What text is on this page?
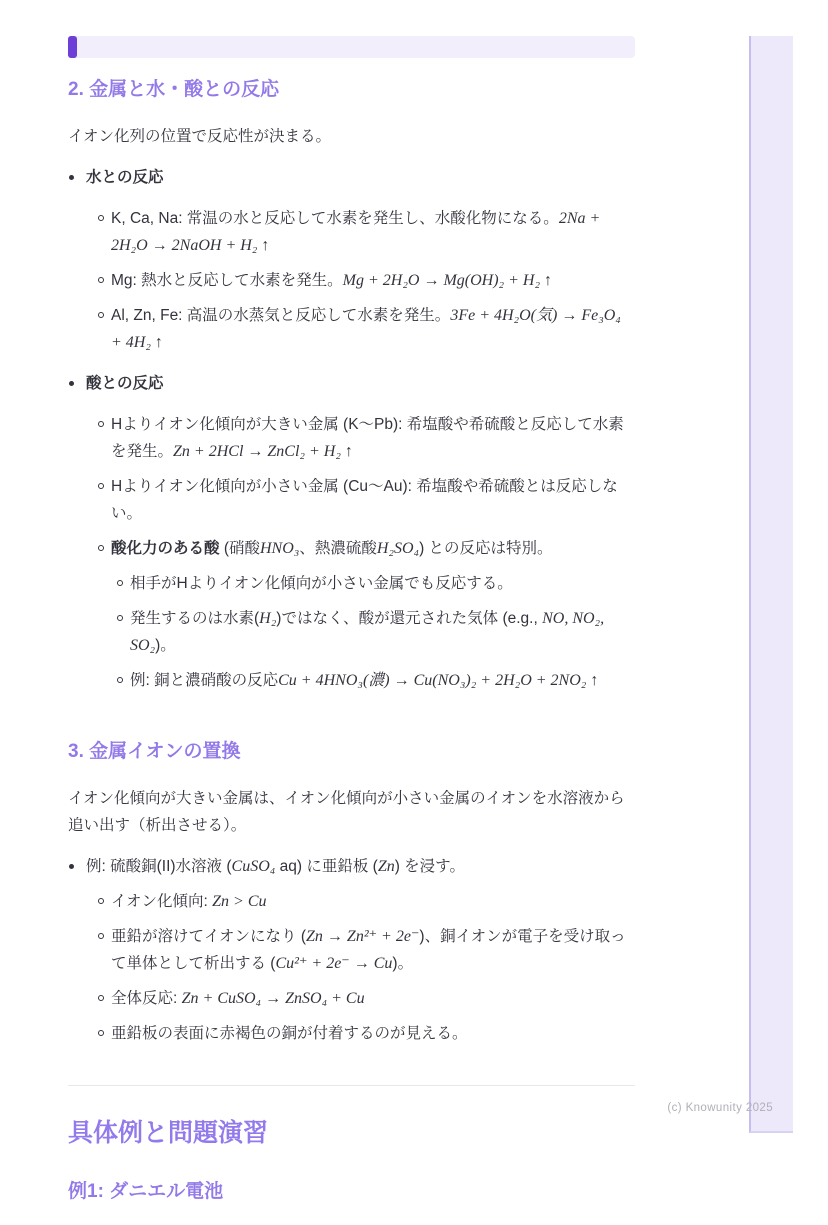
2. 金属と水・酸との反応
イオン化列の位置で反応性が決まる。
水との反応
K, Ca, Na: 常温の水と反応して水素を発生し、水酸化物になる。2Na + 2H₂O → 2NaOH + H₂ ↑
Mg: 熱水と反応して水素を発生。Mg + 2H₂O → Mg(OH)₂ + H₂ ↑
Al, Zn, Fe: 高温の水蒸気と反応して水素を発生。3Fe + 4H₂O(気) → Fe₃O₄ + 4H₂ ↑
酸との反応
Hよりイオン化傾向が大きい金属 (K〜Pb): 希塩酸や希硫酸と反応して水素を発生。Zn + 2HCl → ZnCl₂ + H₂ ↑
Hよりイオン化傾向が小さい金属 (Cu〜Au): 希塩酸や希硫酸とは反応しない。
酸化力のある酸 (硝酸HNO₃、熱濃硫酸H₂SO₄) との反応は特別。
相手がHよりイオン化傾向が小さい金属でも反応する。
発生するのは水素(H₂)ではなく、酸が還元された気体 (e.g., NO, NO₂, SO₂)。
例: 銅と濃硝酸の反応Cu + 4HNO₃(濃) → Cu(NO₃)₂ + 2H₂O + 2NO₂ ↑
3. 金属イオンの置換
イオン化傾向が大きい金属は、イオン化傾向が小さい金属のイオンを水溶液から追い出す（析出させる）。
例: 硫酸銅(II)水溶液 (CuSO₄ aq) に亜鉛板 (Zn) を浸す。
イオン化傾向: Zn > Cu
亜鉛が溶けてイオンになり (Zn → Zn²⁺ + 2e⁻)、銅イオンが電子を受け取って単体として析出する (Cu²⁺ + 2e⁻ → Cu)。
全体反応: Zn + CuSO₄ → ZnSO₄ + Cu
亜鉛板の表面に赤褐色の銅が付着するのが見える。
具体例と問題演習
例1: ダニエル電池
(c) Knowunity 2025
